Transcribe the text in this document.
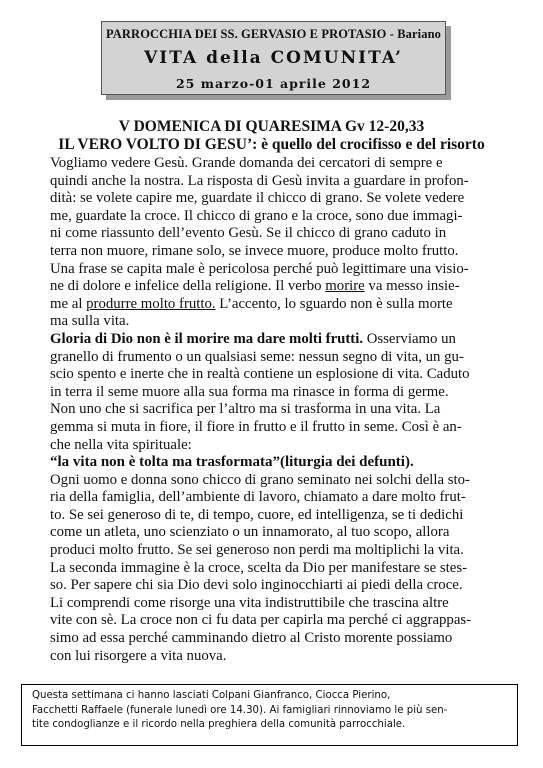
PARROCCHIA DEI SS. GERVASIO E PROTASIO - Bariano
VITA della COMUNITA’
25 marzo-01 aprile 2012
V DOMENICA DI QUARESIMA Gv 12-20,33
IL VERO VOLTO DI GESU’: è quello del crocifisso e del risorto
Vogliamo vedere Gesù. Grande domanda dei cercatori di sempre e
quindi anche la nostra. La risposta di Gesù invita a guardare in profon-
dità: se volete capire me, guardate il chicco di grano. Se volete vedere
me, guardate la croce. Il chicco di grano e la croce, sono due immagi-
ni come riassunto dell’evento Gesù. Se il chicco di grano caduto in
terra non muore, rimane solo, se invece muore, produce molto frutto.
Una frase se capita male è pericolosa perché può legittimare una visio-
ne di dolore e infelice della religione. Il verbo morire va messo insie-
me al produrre molto frutto. L’accento, lo sguardo non è sulla morte
ma sulla vita.
Gloria di Dio non è il morire ma dare molti frutti. Osserviamo un
granello di frumento o un qualsiasi seme: nessun segno di vita, un gu-
scio spento e inerte che in realtà contiene un esplosione di vita. Caduto
in terra il seme muore alla sua forma ma rinasce in forma di germe.
Non uno che si sacrifica per l’altro ma si trasforma in una vita. La
gemma si muta in fiore, il fiore in frutto e il frutto in seme. Così è an-
che nella vita spirituale:
“la vita non è tolta ma trasformata”(liturgia dei defunti).
Ogni uomo e donna sono chicco di grano seminato nei solchi della sto-
ria della famiglia, dell’ambiente di lavoro, chiamato a dare molto frut-
to. Se sei generoso di te, di tempo, cuore, ed intelligenza, se ti dedichi
come un atleta, uno scienziato o un innamorato, al tuo scopo, allora
produci molto frutto. Se sei generoso non perdi ma moltiplichi la vita.
La seconda immagine è la croce, scelta da Dio per manifestare se stes-
so. Per sapere chi sia Dio devi solo inginocchiarti ai piedi della croce.
Li comprendi come risorge una vita indistruttibile che trascina altre
vite con sè. La croce non ci fu data per capirla ma perché ci aggrappas-
simo ad essa perché camminando dietro al Cristo morente possiamo
con lui risorgere a vita nuova.
Questa settimana ci hanno lasciati Colpani Gianfranco, Ciocca Pierino,
Facchetti Raffaele (funerale lunedì ore 14.30). Ai famigliari rinnoviamo le più sen-
tite condoglianze e il ricordo nella preghiera della comunità parrocchiale.
